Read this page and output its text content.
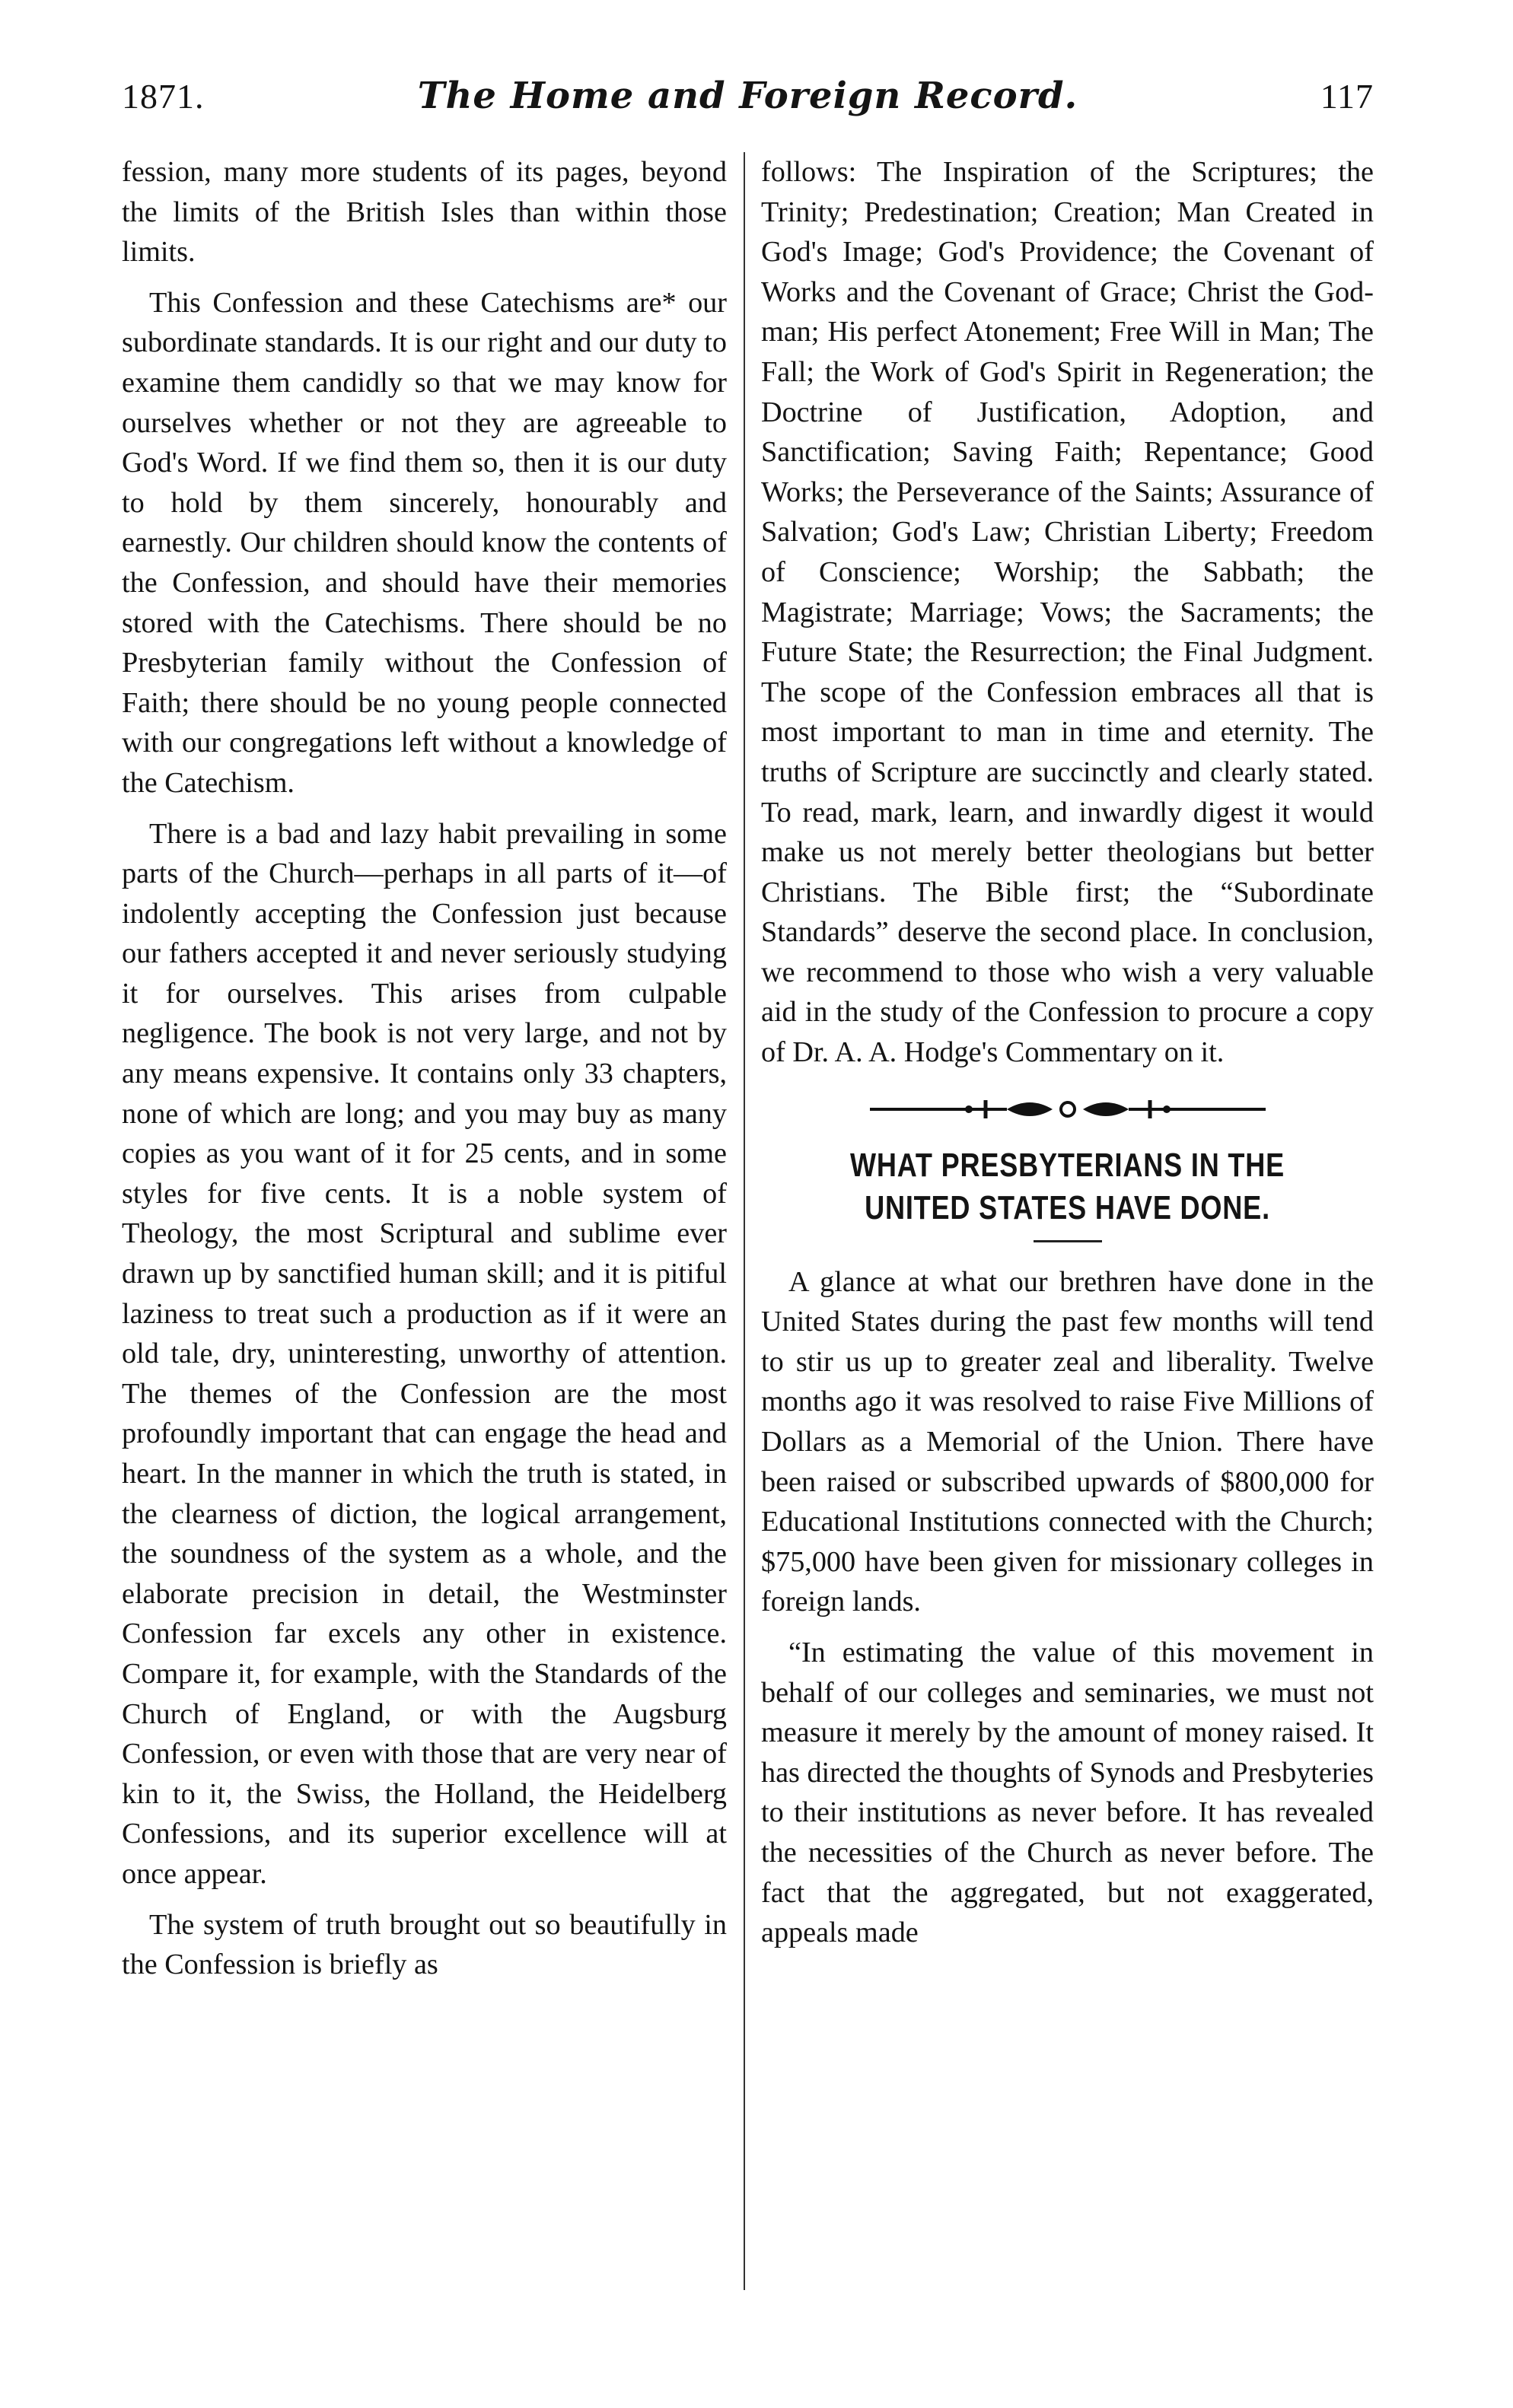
1871.	The Home and Foreign Record.	117

fession, many more students of its pages, beyond the limits of the British Isles than within those limits.

This Confession and these Catechisms are* our subordinate standards. It is our right and our duty to examine them candidly so that we may know for ourselves whether or not they are agreeable to God's Word. If we find them so, then it is our duty to hold by them sincerely, honourably and earnestly. Our children should know the contents of the Confession, and should have their memories stored with the Catechisms. There should be no Presbyterian family without the Confession of Faith; there should be no young people connected with our congregations left without a knowledge of the Catechism.

There is a bad and lazy habit prevailing in some parts of the Church—perhaps in all parts of it—of indolently accepting the Confession just because our fathers accepted it and never seriously studying it for ourselves. This arises from culpable negligence. The book is not very large, and not by any means expensive. It contains only 33 chapters, none of which are long; and you may buy as many copies as you want of it for 25 cents, and in some styles for five cents. It is a noble system of Theology, the most Scriptural and sublime ever drawn up by sanctified human skill; and it is pitiful laziness to treat such a production as if it were an old tale, dry, uninteresting, unworthy of attention. The themes of the Confession are the most profoundly important that can engage the head and heart. In the manner in which the truth is stated, in the clearness of diction, the logical arrangement, the soundness of the system as a whole, and the elaborate precision in detail, the Westminster Confession far excels any other in existence. Compare it, for example, with the Standards of the Church of England, or with the Augsburg Confession, or even with those that are very near of kin to it, the Swiss, the Holland, the Heidelberg Confessions, and its superior excellence will at once appear.

The system of truth brought out so beautifully in the Confession is briefly as

follows: The Inspiration of the Scriptures; the Trinity; Predestination; Creation; Man Created in God's Image; God's Providence; the Covenant of Works and the Covenant of Grace; Christ the God-man; His perfect Atonement; Free Will in Man; The Fall; the Work of God's Spirit in Regeneration; the Doctrine of Justification, Adoption, and Sanctification; Saving Faith; Repentance; Good Works; the Perseverance of the Saints; Assurance of Salvation; God's Law; Christian Liberty; Freedom of Conscience; Worship; the Sabbath; the Magistrate; Marriage; Vows; the Sacraments; the Future State; the Resurrection; the Final Judgment. The scope of the Confession embraces all that is most important to man in time and eternity. The truths of Scripture are succinctly and clearly stated. To read, mark, learn, and inwardly digest it would make us not merely better theologians but better Christians. The Bible first; the “Subordinate Standards” deserve the second place. In conclusion, we recommend to those who wish a very valuable aid in the study of the Confession to procure a copy of Dr. A. A. Hodge's Commentary on it.

WHAT PRESBYTERIANS IN THE UNITED STATES HAVE DONE.

A glance at what our brethren have done in the United States during the past few months will tend to stir us up to greater zeal and liberality. Twelve months ago it was resolved to raise Five Millions of Dollars as a Memorial of the Union. There have been raised or subscribed upwards of $800,000 for Educational Institutions connected with the Church; $75,000 have been given for missionary colleges in foreign lands.

“In estimating the value of this movement in behalf of our colleges and seminaries, we must not measure it merely by the amount of money raised. It has directed the thoughts of Synods and Presbyteries to their institutions as never before. It has revealed the necessities of the Church as never before. The fact that the aggregated, but not exaggerated, appeals made
